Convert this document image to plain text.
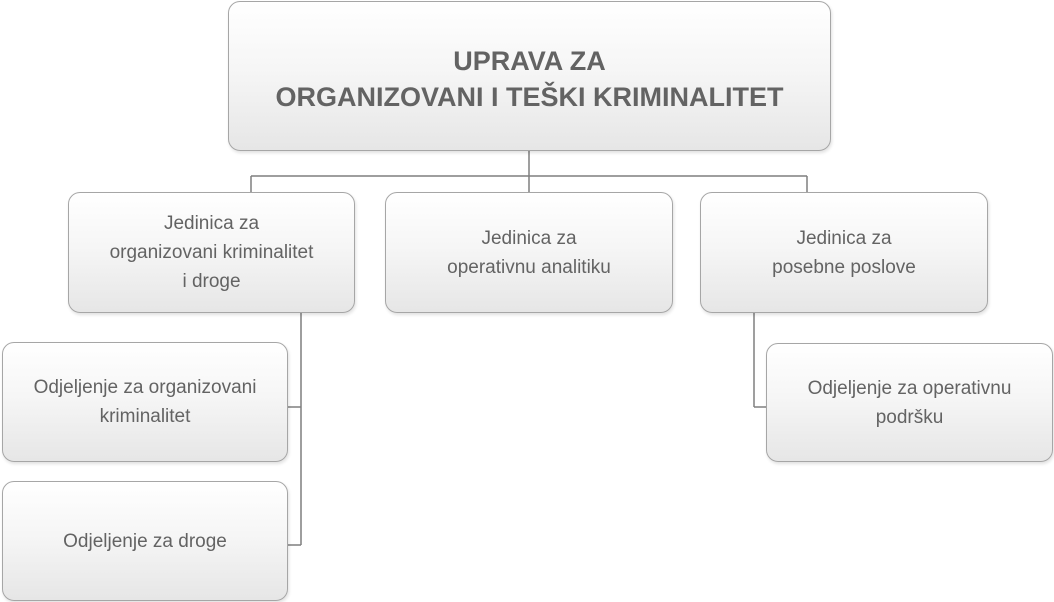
UPRAVA ZA
ORGANIZOVANI I TEŠKI KRIMINALITET
Jedinica za
organizovani kriminalitet
i droge
Jedinica za
operativnu analitiku
Jedinica za
posebne poslove
Odjeljenje za organizovani
kriminalitet
Odjeljenje za droge
Odjeljenje za operativnu
podršku
